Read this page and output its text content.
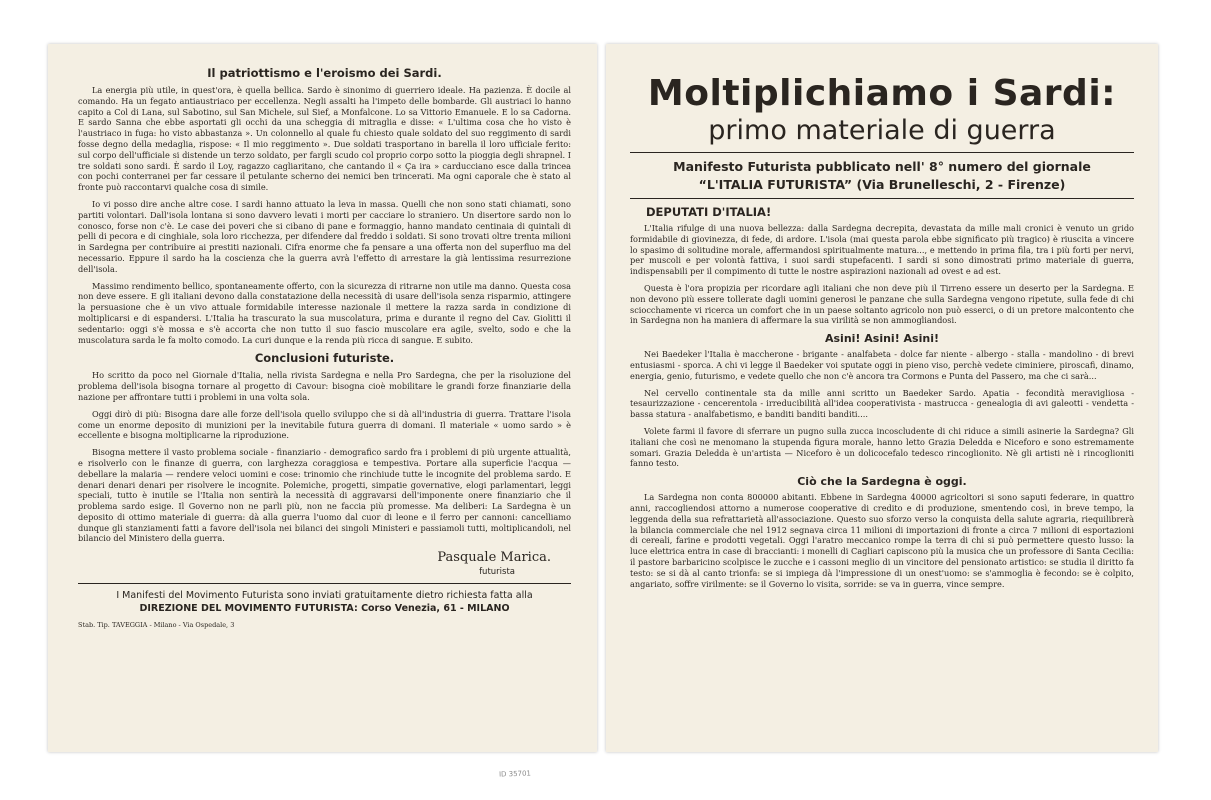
Il patriottismo e l'eroismo dei Sardi.

La energia più utile, in quest'ora, è quella bellica. Sardo è sinonimo di guerriero ideale. Ha pazienza. È docile al comando. Ha un fegato antiaustriaco per eccellenza. Negli assalti ha l'impeto delle bombarde. Gli austriaci lo hanno capito a Col di Lana, sul Sabotino, sul San Michele, sul Sief, a Monfalcone. Lo sa Vittorio Emanuele. E lo sa Cadorna. E sardo Sanna che ebbe asportati gli occhi da una scheggia di mitraglia e disse: « L'ultima cosa che ho visto è l'austriaco in fuga: ho visto abbastanza ». Un colonnello al quale fu chiesto quale soldato del suo reggimento di sardi fosse degno della medaglia, rispose: « Il mio reggimento ». Due soldati trasportano in barella il loro ufficiale ferito: sul corpo dell'ufficiale si distende un terzo soldato, per fargli scudo col proprio corpo sotto la pioggia degli shrapnel. I tre soldati sono sardi. È sardo il Loy, ragazzo cagliaritano, che cantando il « Ça ira » carducciano esce dalla trincea con pochi conterranei per far cessare il petulante scherno dei nemici ben trincerati. Ma ogni caporale che è stato al fronte può raccontarvi qualche cosa di simile.

Io vi posso dire anche altre cose. I sardi hanno attuato la leva in massa. Quelli che non sono stati chiamati, sono partiti volontari. Dall'isola lontana si sono davvero levati i morti per cacciare lo straniero. Un disertore sardo non lo conosco, forse non c'è. Le case dei poveri che si cibano di pane e formaggio, hanno mandato centinaia di quintali di pelli di pecora e di cinghiale, sola loro ricchezza, per difendere dal freddo i soldati. Si sono trovati oltre trenta milioni in Sardegna per contribuire ai prestiti nazionali. Cifra enorme che fa pensare a una offerta non del superfluo ma del necessario. Eppure il sardo ha la coscienza che la guerra avrà l'effetto di arrestare la già lentissima resurrezione dell'isola.

Massimo rendimento bellico, spontaneamente offerto, con la sicurezza di ritrarne non utile ma danno. Questa cosa non deve essere. E gli italiani devono dalla constatazione della necessità di usare dell'isola senza risparmio, attingere la persuasione che è un vivo attuale formidabile interesse nazionale il mettere la razza sarda in condizione di moltiplicarsi e di espandersi. L'Italia ha trascurato la sua muscolatura, prima e durante il regno del Cav. Giolitti il sedentario: oggi s'è mossa e s'è accorta che non tutto il suo fascio muscolare era agile, svelto, sodo e che la muscolatura sarda le fa molto comodo. La curi dunque e la renda più ricca di sangue. E subito.

Conclusioni futuriste.

Ho scritto da poco nel Giornale d'Italia, nella rivista Sardegna e nella Pro Sardegna, che per la risoluzione del problema dell'isola bisogna tornare al progetto di Cavour: bisogna cioè mobilitare le grandi forze finanziarie della nazione per affrontare tutti i problemi in una volta sola.

Oggi dirò di più: Bisogna dare alle forze dell'isola quello sviluppo che si dà all'industria di guerra. Trattare l'isola come un enorme deposito di munizioni per la inevitabile futura guerra di domani. Il materiale « uomo sardo » è eccellente e bisogna moltiplicarne la riproduzione.

Bisogna mettere il vasto problema sociale - finanziario - demografico sardo fra i problemi di più urgente attualità, e risolverlo con le finanze di guerra, con larghezza coraggiosa e tempestiva. Portare alla superficie l'acqua — debellare la malaria — rendere veloci uomini e cose: trinomio che rinchiude tutte le incognite del problema sardo. E denari denari denari per risolvere le incognite. Polemiche, progetti, simpatie governative, elogi parlamentari, leggi speciali, tutto è inutile se l'Italia non sentirà la necessità di aggravarsi dell'imponente onere finanziario che il problema sardo esige. Il Governo non ne parli più, non ne faccia più promesse. Ma deliberi: La Sardegna è un deposito di ottimo materiale di guerra: dà alla guerra l'uomo dal cuor di leone e il ferro per cannoni: cancelliamo dunque gli stanziamenti fatti a favore dell'isola nei bilanci dei singoli Ministeri e passiamoli tutti, moltiplicandoli, nel bilancio del Ministero della guerra.

Pasquale Marica.
futurista
I Manifesti del Movimento Futurista sono inviati gratuitamente dietro richiesta fatta alla
DIREZIONE DEL MOVIMENTO FUTURISTA: Corso Venezia, 61 - MILANO
Stab. Tip. TAVEGGIA - Milano - Via Ospedale, 3
Moltiplichiamo i Sardi:
primo materiale di guerra
Manifesto Futurista pubblicato nell' 8° numero del giornale
“L'ITALIA FUTURISTA” (Via Brunelleschi, 2 - Firenze)
DEPUTATI D'ITALIA!

L'Italia rifulge di una nuova bellezza: dalla Sardegna decrepita, devastata da mille mali cronici è venuto un grido formidabile di giovinezza, di fede, di ardore. L'isola (mai questa parola ebbe significato più tragico) è riuscita a vincere lo spasimo di solitudine morale, affermandosi spiritualmente matura..., e mettendo in prima fila, tra i più forti per nervi, per muscoli e per volontà fattiva, i suoi sardi stupefacenti. I sardi si sono dimostrati primo materiale di guerra, indispensabili per il compimento di tutte le nostre aspirazioni nazionali ad ovest e ad est.

Questa è l'ora propizia per ricordare agli italiani che non deve più il Tirreno essere un deserto per la Sardegna. E non devono più essere tollerate dagli uomini generosi le panzane che sulla Sardegna vengono ripetute, sulla fede di chi sciocchamente vi ricerca un comfort che in un paese soltanto agricolo non può esserci, o di un pretore malcontento che in Sardegna non ha maniera di affermare la sua virilità se non ammogliandosi.

Asini! Asini! Asini!

Nei Baedeker l'Italia è maccherone - brigante - analfabeta - dolce far niente - albergo - stalla - mandolino - di brevi entusiasmi - sporca. A chi vi legge il Baedeker voi sputate oggi in pieno viso, perchè vedete ciminiere, piroscafi, dinamo, energia, genio, futurismo, e vedete quello che non c'è ancora tra Cormons e Punta del Passero, ma che ci sarà...

Nel cervello continentale sta da mille anni scritto un Baedeker Sardo. Apatia - fecondità meravigliosa - tesaurizzazione - cencerentola - irreducibilità all'idea cooperativista - mastrucca - genealogia di avi galeotti - vendetta - bassa statura - analfabetismo, e banditi banditi banditi....

Volete farmi il favore di sferrare un pugno sulla zucca incoscludente di chi riduce a simili asinerie la Sardegna? Gli italiani che così ne menomano la stupenda figura morale, hanno letto Grazia Deledda e Niceforo e sono estremamente somari. Grazia Deledda è un'artista — Niceforo è un dolicocefalo tedesco rincoglionito. Nè gli artisti nè i rincoglioniti fanno testo.

Ciò che la Sardegna è oggi.

La Sardegna non conta 800000 abitanti. Ebbene in Sardegna 40000 agricoltori si sono saputi federare, in quattro anni, raccogliendosi attorno a numerose cooperative di credito e di produzione, smentendo così, in breve tempo, la leggenda della sua refrattarietà all'associazione. Questo suo sforzo verso la conquista della salute agraria, riequilibrerà la bilancia commerciale che nel 1912 segnava circa 11 milioni di importazioni di fronte a circa 7 milioni di esportazioni di cereali, farine e prodotti vegetali. Oggi l'aratro meccanico rompe la terra di chi si può permettere questo lusso: la luce elettrica entra in case di braccianti: i monelli di Cagliari capiscono più la musica che un professore di Santa Cecilia: il pastore barbaricino scolpisce le zucche e i cassoni meglio di un vincitore del pensionato artistico: se studia il diritto fa testo: se si dà al canto trionfa: se si impiega dà l'impressione di un onest'uomo: se s'ammoglia è fecondo: se è colpito, angariato, soffre virilmente: se il Governo lo visita, sorride: se va in guerra, vince sempre.

ID 35701
